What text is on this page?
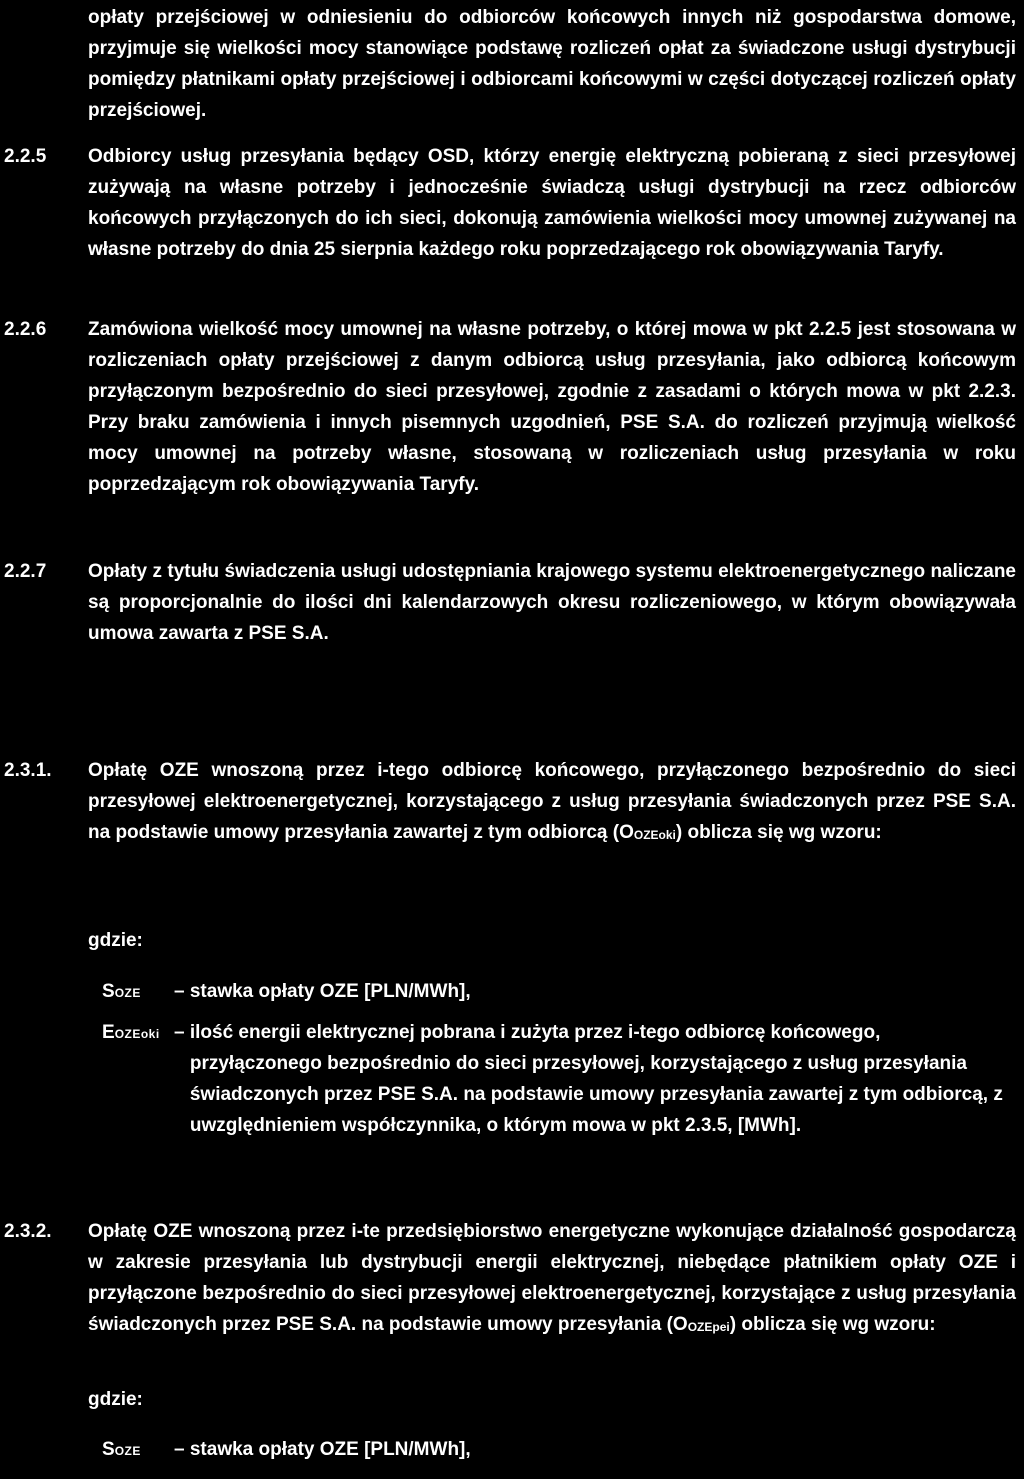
opłaty przejściowej w odniesieniu do odbiorców końcowych innych niż gospodarstwa domowe, przyjmuje się wielkości mocy stanowiące podstawę rozliczeń opłat za świadczone usługi dystrybucji pomiędzy płatnikami opłaty przejściowej i odbiorcami końcowymi w części dotyczącej rozliczeń opłaty przejściowej.

2.2.5 Odbiorcy usług przesyłania będący OSD, którzy energię elektryczną pobieraną z sieci przesyłowej zużywają na własne potrzeby i jednocześnie świadczą usługi dystrybucji na rzecz odbiorców końcowych przyłączonych do ich sieci, dokonują zamówienia wielkości mocy umownej zużywanej na własne potrzeby do dnia 25 sierpnia każdego roku poprzedzającego rok obowiązywania Taryfy.

2.2.6 Zamówiona wielkość mocy umownej na własne potrzeby, o której mowa w pkt 2.2.5 jest stosowana w rozliczeniach opłaty przejściowej z danym odbiorcą usług przesyłania, jako odbiorcą końcowym przyłączonym bezpośrednio do sieci przesyłowej, zgodnie z zasadami o których mowa w pkt 2.2.3. Przy braku zamówienia i innych pisemnych uzgodnień, PSE S.A. do rozliczeń przyjmują wielkość mocy umownej na potrzeby własne, stosowaną w rozliczeniach usług przesyłania w roku poprzedzającym rok obowiązywania Taryfy.

2.2.7 Opłaty z tytułu świadczenia usługi udostępniania krajowego systemu elektroenergetycznego naliczane są proporcjonalnie do ilości dni kalendarzowych okresu rozliczeniowego, w którym obowiązywała umowa zawarta z PSE S.A.

2.3.1. Opłatę OZE wnoszoną przez i-tego odbiorcę końcowego, przyłączonego bezpośrednio do sieci przesyłowej elektroenergetycznej, korzystającego z usług przesyłania świadczonych przez PSE S.A. na podstawie umowy przesyłania zawartej z tym odbiorcą (OOZEoki) oblicza się wg wzoru:

gdzie:

SOZE – stawka opłaty OZE [PLN/MWh],

EOZEoki – ilość energii elektrycznej pobrana i zużyta przez i-tego odbiorcę końcowego, przyłączonego bezpośrednio do sieci przesyłowej, korzystającego z usług przesyłania świadczonych przez PSE S.A. na podstawie umowy przesyłania zawartej z tym odbiorcą, z uwzględnieniem współczynnika, o którym mowa w pkt 2.3.5, [MWh].

2.3.2. Opłatę OZE wnoszoną przez i-te przedsiębiorstwo energetyczne wykonujące działalność gospodarczą w zakresie przesyłania lub dystrybucji energii elektrycznej, niebędące płatnikiem opłaty OZE i przyłączone bezpośrednio do sieci przesyłowej elektroenergetycznej, korzystające z usług przesyłania świadczonych przez PSE S.A. na podstawie umowy przesyłania (OOZEpei) oblicza się wg wzoru:

gdzie:

SOZE – stawka opłaty OZE [PLN/MWh],
